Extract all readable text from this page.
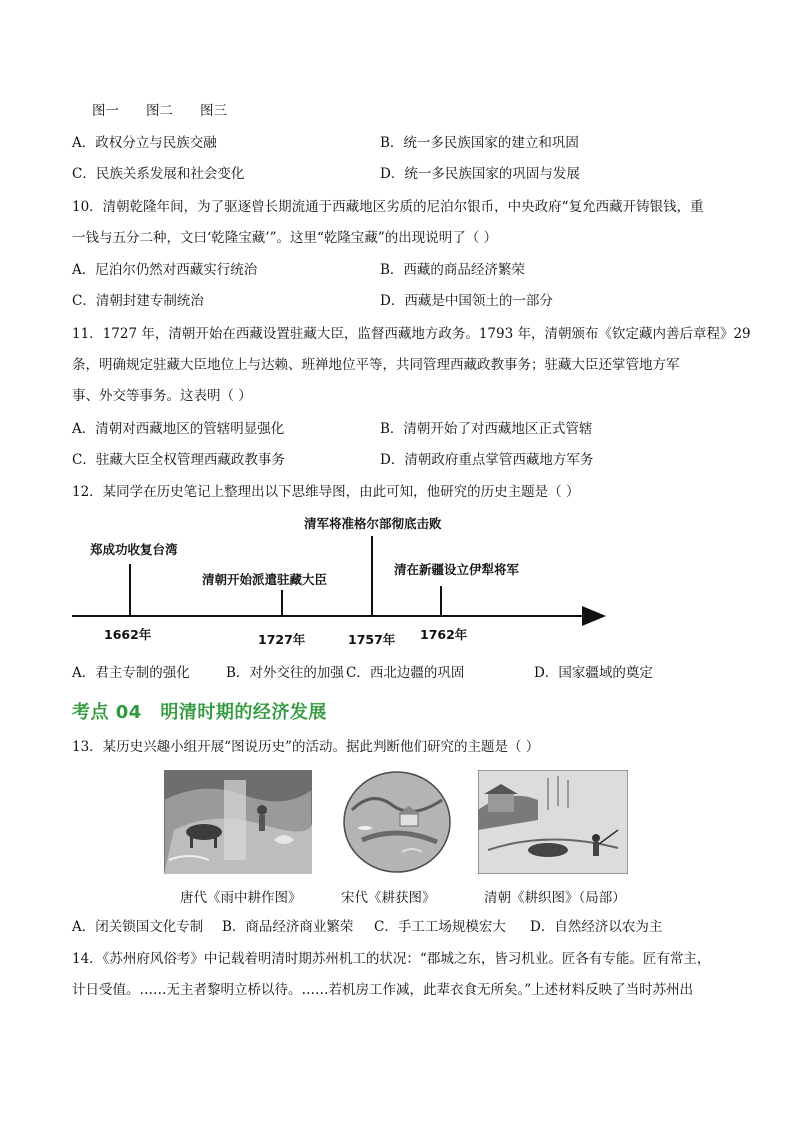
图一 图二 图三
A．政权分立与民族交融	B．统一多民族国家的建立和巩固
C．民族关系发展和社会变化	D．统一多民族国家的巩固与发展
10．清朝乾隆年间，为了驱逐曾长期流通于西藏地区劣质的尼泊尔银币，中央政府“复允西藏开铸银钱，重
一钱与五分二种，文曰‘乾隆宝藏’”。这里“乾隆宝藏”的出现说明了（ ）
A．尼泊尔仍然对西藏实行统治	B．西藏的商品经济繁荣
C．清朝封建专制统治	D．西藏是中国领土的一部分
11．1727 年，清朝开始在西藏设置驻藏大臣，监督西藏地方政务。1793 年，清朝颁布《钦定藏内善后章程》29
条，明确规定驻藏大臣地位上与达赖、班禅地位平等，共同管理西藏政教事务；驻藏大臣还掌管地方军
事、外交等事务。这表明（ ）
A．清朝对西藏地区的管辖明显强化	B．清朝开始了对西藏地区正式管辖
C．驻藏大臣全权管理西藏政教事务	D．清朝政府重点掌管西藏地方军务
12．某同学在历史笔记上整理出以下思维导图，由此可知，他研究的历史主题是（ ）
郑成功收复台湾
清朝开始派遣驻藏大臣
清军将准格尔部彻底击败
清在新疆设立伊犁将军
1662年	1727年	1757年 1762年
A．君主专制的强化	B．对外交往的加强 C．西北边疆的巩固	D．国家疆域的奠定
考点 04　明清时期的经济发展
13．某历史兴趣小组开展“图说历史”的活动。据此判断他们研究的主题是（ ）
唐代《雨中耕作图》	宋代《耕获图》	清朝《耕织图》（局部）
A．闭关锁国文化专制 B．商品经济商业繁荣 C．手工工场规模宏大 D．自然经济以农为主
14．《苏州府风俗考》中记载着明清时期苏州机工的状况：“郡城之东，皆习机业。匠各有专能。匠有常主，
计日受值。……无主者黎明立桥以待。……若机房工作减，此辈衣食无所矣。”上述材料反映了当时苏州出
